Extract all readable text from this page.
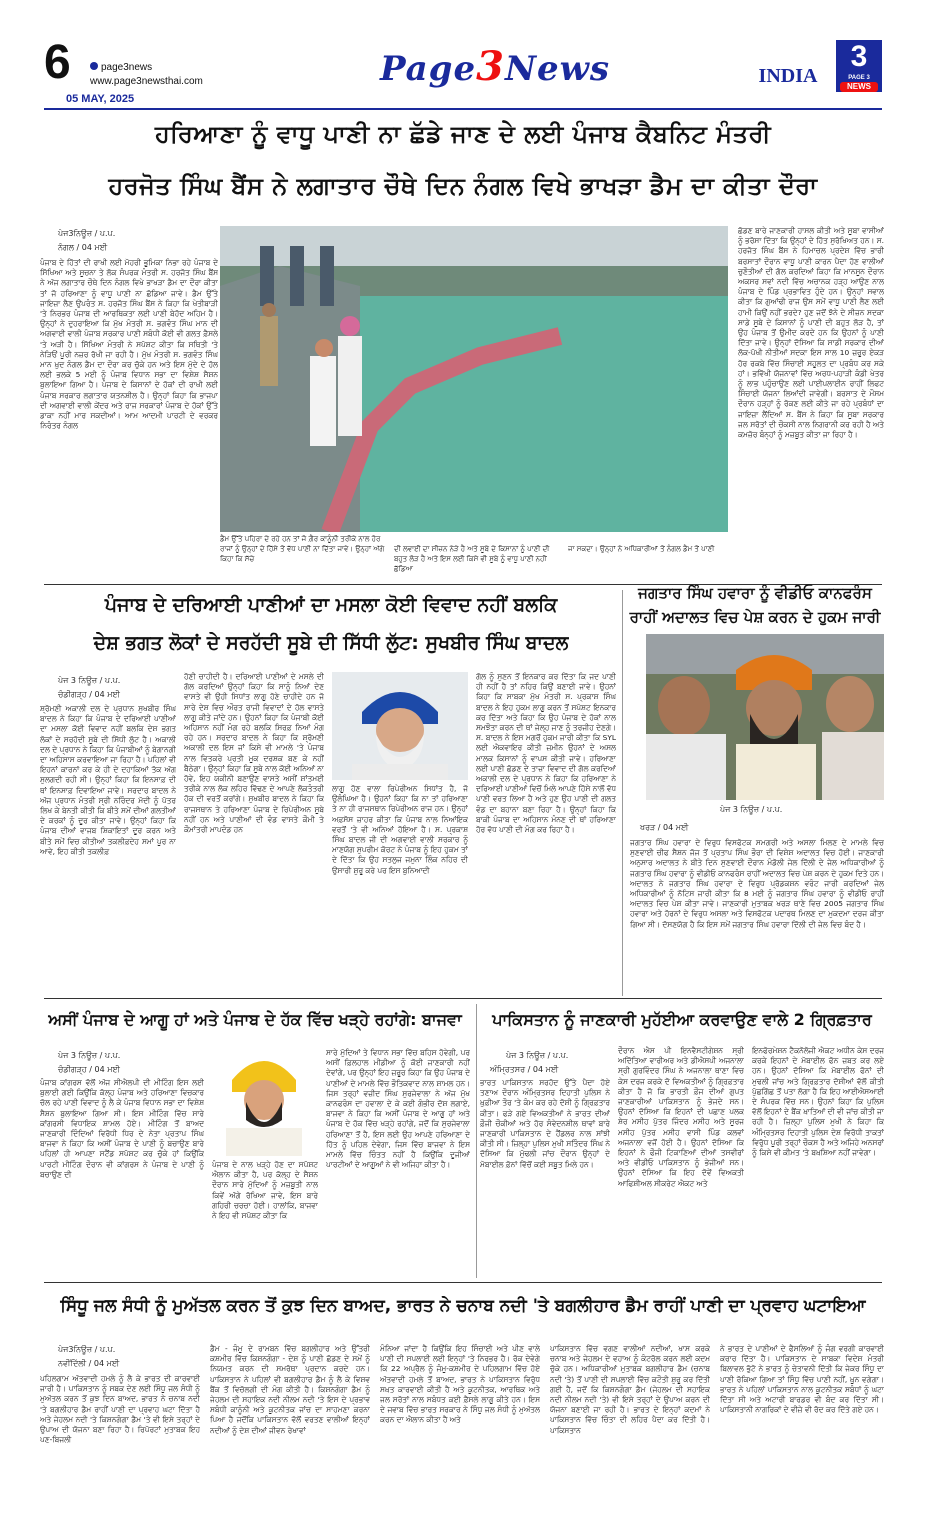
6	page3news
www.page3newsthai.com
05 MAY, 2025
Page3News	INDIA
3
PAGE 3
NEWS
ਹਰਿਆਣਾ ਨੂੰ ਵਾਧੂ ਪਾਣੀ ਨਾ ਛੱਡੇ ਜਾਣ ਦੇ ਲਈ ਪੰਜਾਬ ਕੈਬਨਿਟ ਮੰਤਰੀ
ਹਰਜੋਤ ਸਿੰਘ ਬੈਂਸ ਨੇ ਲਗਾਤਾਰ ਚੌਥੇ ਦਿਨ ਨੰਗਲ ਵਿਖੇ ਭਾਖੜਾ ਡੈਮ ਦਾ ਕੀਤਾ ਦੌਰਾ
ਪੇਜ3ਨਿਊਜ਼ / ਪ.ਪ.
ਨੰਗਲ / 04 ਮਈ
ਪੰਜਾਬ ਦੇ ਹਿੱਤਾਂ ਦੀ ਰਾਖੀ ਲਈ ਮੋਹਰੀ ਭੂਮਿਕਾ ਨਿਭਾ ਰਹੇ ਪੰਜਾਬ ਦੇ ਸਿੱਖਿਆ ਅਤੇ ਸੂਚਨਾ ਤੇ ਲੋਕ ਸੰਪਰਕ ਮੰਤਰੀ ਸ. ਹਰਜੋਤ ਸਿੰਘ ਬੈਂਸ ਨੇ ਅੱਜ ਲਗਾਤਾਰ ਚੌਥੇ ਦਿਨ ਨੰਗਲ ਵਿਖੇ ਭਾਖੜਾ ਡੈਮ ਦਾ ਦੌਰਾ ਕੀਤਾ ਤਾਂ ਜੋ ਹਰਿਆਣਾ ਨੂੰ ਵਾਧੂ ਪਾਣੀ ਨਾ ਛੱਡਿਆ ਜਾਵੇ। ਡੈਮ ਉੱਤੇ ਜਾਇਜ਼ਾ ਲੈਣ ਉਪਰੰਤ ਸ. ਹਰਜੋਤ ਸਿੰਘ ਬੈਂਸ ਨੇ ਕਿਹਾ ਕਿ ਖੇਤੀਬਾੜੀ 'ਤੇ ਨਿਰਭਰ ਪੰਜਾਬ ਦੀ ਆਰਥਿਕਤਾ ਲਈ ਪਾਣੀ ਬੇਹੱਦ ਅਹਿਮ ਹੈ। ਉਨ੍ਹਾਂ ਨੇ ਦੁਹਰਾਇਆ ਕਿ ਮੁੱਖ ਮੰਤਰੀ ਸ. ਭਗਵੰਤ ਸਿੰਘ ਮਾਨ ਦੀ ਅਗਵਾਈ ਵਾਲੀ ਪੰਜਾਬ ਸਰਕਾਰ ਪਾਣੀ ਸਬੰਧੀ ਕੋਈ ਵੀ ਗਲਤ ਫ਼ੈਸਲੇ 'ਤੇ ਅੜੀ ਹੈ। ਸਿੱਖਿਆ ਮੰਤਰੀ ਨੇ ਸਪੱਸ਼ਟ ਕੀਤਾ ਕਿ ਸਥਿਤੀ 'ਤੇ ਨੇੜਿਓਂ ਪੂਰੀ ਨਜ਼ਰ ਰੱਖੀ ਜਾ ਰਹੀ ਹੈ। ਮੁੱਖ ਮੰਤਰੀ ਸ. ਭਗਵੰਤ ਸਿੰਘ ਮਾਨ ਖ਼ੁਦ ਨੰਗਲ ਡੈਮ ਦਾ ਦੌਰਾ ਕਰ ਚੁੱਕੇ ਹਨ ਅਤੇ ਇਸ ਮੁੱਦੇ ਦੇ ਹੱਲ ਲਈ ਭਲਕੇ 5 ਮਈ ਨੂੰ ਪੰਜਾਬ ਵਿਧਾਨ ਸਭਾ ਦਾ ਵਿਸ਼ੇਸ਼ ਸੈਸ਼ਨ ਬੁਲਾਇਆ ਗਿਆ ਹੈ। ਪੰਜਾਬ ਦੇ ਕਿਸਾਨਾਂ ਦੇ ਹੱਕਾਂ ਦੀ ਰਾਖੀ ਲਈ ਪੰਜਾਬ ਸਰਕਾਰ ਲਗਾਤਾਰ ਯਤਨਸ਼ੀਲ ਹੈ। ਉਨ੍ਹਾਂ ਕਿਹਾ ਕਿ ਭਾਜਪਾ ਦੀ ਅਗਵਾਈ ਵਾਲੀ ਕੇਂਦਰ ਅਤੇ ਰਾਜ ਸਰਕਾਰਾਂ ਪੰਜਾਬ ਦੇ ਹੱਕਾਂ ਉੱਤੇ ਡਾਕਾ ਨਹੀਂ ਮਾਰ ਸਕਦੀਆਂ। ਆਮ ਆਦਮੀ ਪਾਰਟੀ ਦੇ ਵਰਕਰ ਨਿਰੰਤਰ ਨੰਗਲ
ਡੈਮ ਉੱਤੇ ਪਹਿਰਾ ਦੇ ਰਹੇ ਹਨ ਤਾਂ ਜੋ ਗ਼ੈਰ ਕਾਨੂੰਨੀ ਤਰੀਕੇ ਨਾਲ ਹੋਰ ਰਾਜਾਂ ਨੂੰ ਉਨ੍ਹਾਂ ਦੇ ਹਿੱਸੇ ਤੋਂ ਵੱਧ ਪਾਣੀ ਨਾ ਦਿੱਤਾ ਜਾਵੇ। ਉਨ੍ਹਾਂ ਅੱਗੇ ਕਿਹਾ ਕਿ ਸੱਚੇ
ਦੀ ਲਵਾਈ ਦਾ ਸੀਜ਼ਨ ਨੇੜੇ ਹੈ ਅਤੇ ਸੂਬੇ ਦੇ ਕਿਸਾਨਾਂ ਨੂੰ ਪਾਣੀ ਦੀ ਬਹੁਤ ਲੋੜ ਹੈ ਅਤੇ ਇਸ ਲਈ ਕਿਸੇ ਵੀ ਸੂਬੇ ਨੂੰ ਵਾਧੂ ਪਾਣੀ ਨਹੀਂ ਛੱਡਿਆ
ਜਾ ਸਕਦਾ। ਉਨ੍ਹਾਂ ਨੇ ਅਧਿਕਾਰੀਆਂ ਤੋਂ ਨੰਗਲ ਡੈਮ ਤੋਂ ਪਾਣੀ
ਛੱਡਣ ਬਾਰੇ ਜਾਣਕਾਰੀ ਹਾਸਲ ਕੀਤੀ ਅਤੇ ਸੂਬਾ ਵਾਸੀਆਂ ਨੂੰ ਭਰੋਸਾ ਦਿੱਤਾ ਕਿ ਉਨ੍ਹਾਂ ਦੇ ਹਿੱਤ ਸੁਰੱਖਿਅਤ ਹਨ। ਸ. ਹਰਜੋਤ ਸਿੰਘ ਬੈਂਸ ਨੇ ਹਿਮਾਚਲ ਪ੍ਰਦੇਸ਼ ਵਿੱਚ ਭਾਰੀ ਬਰਸਾਤਾਂ ਦੌਰਾਨ ਵਾਧੂ ਪਾਣੀ ਕਾਰਨ ਪੈਦਾ ਹੋਣ ਵਾਲੀਆਂ ਚੁਣੌਤੀਆਂ ਦੀ ਗੱਲ ਕਰਦਿਆਂ ਕਿਹਾ ਕਿ ਮਾਨਸੂਨ ਦੌਰਾਨ ਅਕਸਰ ਸਵਾਂ ਨਦੀ ਵਿੱਚ ਅਚਾਨਕ ਹੜ੍ਹ ਆਉਣ ਨਾਲ ਪੰਜਾਬ ਦੇ ਪਿੰਡ ਪ੍ਰਭਾਵਿਤ ਹੁੰਦੇ ਹਨ। ਉਨ੍ਹਾਂ ਸਵਾਲ ਕੀਤਾ ਕਿ ਗੁਆਂਢੀ ਰਾਜ ਉਸ ਸਮੇਂ ਵਾਧੂ ਪਾਣੀ ਲੈਣ ਲਈ ਹਾਮੀ ਕਿਉਂ ਨਹੀਂ ਭਰਦੇ? ਹੁਣ ਜਦੋਂ ਝੋਨੇ ਦੇ ਸੀਜ਼ਨ ਸਦਕਾ ਸਾਡੇ ਸੂਬੇ ਦੇ ਕਿਸਾਨਾਂ ਨੂੰ ਪਾਣੀ ਦੀ ਬਹੁਤ ਲੋੜ ਹੈ, ਤਾਂ ਉਹ ਪੰਜਾਬ ਤੋਂ ਉਮੀਦ ਕਰਦੇ ਹਨ ਕਿ ਉਹਨਾਂ ਨੂੰ ਪਾਣੀ ਦਿੱਤਾ ਜਾਵੇ। ਉਨ੍ਹਾਂ ਦੱਸਿਆ ਕਿ ਸਾਡੀ ਸਰਕਾਰ ਦੀਆਂ ਲੋਕ-ਪੱਖੀ ਨੀਤੀਆਂ ਸਦਕਾ ਇਸ ਸਾਲ 10 ਜ਼ਰੂਰ ਏਕੜ ਹੋਰ ਰਕਬੇ ਵਿੱਚ ਸਿੰਚਾਈ ਸਹੂਲਤ ਦਾ ਪ੍ਰਬੰਧ ਕਰ ਸਕੇ ਹਾਂ। ਭਵਿੱਖੀ ਯੋਜਨਾਵਾਂ ਵਿੱਚ ਅਰਧ-ਪਹਾੜੀ ਕੰਡੀ ਖੇਤਰ ਨੂੰ ਲਾਭ ਪਹੁੰਚਾਉਣ ਲਈ ਪਾਈਪਲਾਈਨ ਰਾਹੀਂ ਲਿਫਟ ਸਿੰਚਾਈ ਯੋਜਨਾ ਲਿਆਂਦੀ ਜਾਵੇਗੀ। ਬਰਸਾਤ ਦੇ ਮੌਸਮ ਦੌਰਾਨ ਹੜ੍ਹਾਂ ਨੂੰ ਰੋਕਣ ਲਈ ਕੀਤੇ ਜਾ ਰਹੇ ਪ੍ਰਬੰਧਾਂ ਦਾ ਜਾਇਜ਼ਾ ਲੈਂਦਿਆਂ ਸ. ਬੈਂਸ ਨੇ ਕਿਹਾ ਕਿ ਸੂਬਾ ਸਰਕਾਰ ਜਲ ਸਰੋਤਾਂ ਦੀ ਚੌਕਸੀ ਨਾਲ ਨਿਗਰਾਨੀ ਕਰ ਰਹੀ ਹੈ ਅਤੇ ਕਮਜ਼ੋਰ ਬੰਨ੍ਹਾਂ ਨੂੰ ਮਜ਼ਬੂਤ ਕੀਤਾ ਜਾ ਰਿਹਾ ਹੈ।
ਪੰਜਾਬ ਦੇ ਦਰਿਆਈ ਪਾਣੀਆਂ ਦਾ ਮਸਲਾ ਕੋਈ ਵਿਵਾਦ ਨਹੀਂ ਬਲਕਿ
ਦੇਸ਼ ਭਗਤ ਲੋਕਾਂ ਦੇ ਸਰਹੱਦੀ ਸੂਬੇ ਦੀ ਸਿੱਧੀ ਲੁੱਟ: ਸੁਖਬੀਰ ਸਿੰਘ ਬਾਦਲ
ਪੇਜ 3 ਨਿਊਜ਼ / ਪ.ਪ.
ਚੰਡੀਗੜ੍ਹ / 04 ਮਈ
ਸ਼੍ਰੋਮਣੀ ਅਕਾਲੀ ਦਲ ਦੇ ਪ੍ਰਧਾਨ ਸੁਖਬੀਰ ਸਿੰਘ ਬਾਦਲ ਨੇ ਕਿਹਾ ਕਿ ਪੰਜਾਬ ਦੇ ਦਰਿਆਈ ਪਾਣੀਆਂ ਦਾ ਮਸਲਾ ਕੋਈ ਵਿਵਾਦ ਨਹੀਂ ਬਲਕਿ ਦੇਸ਼ ਭਗਤ ਲੋਕਾਂ ਦੇ ਸਰਹੱਦੀ ਸੂਬੇ ਦੀ ਸਿੱਧੀ ਲੁੱਟ ਹੈ। ਅਕਾਲੀ ਦਲ ਦੇ ਪ੍ਰਧਾਨ ਨੇ ਕਿਹਾ ਕਿ ਪੰਜਾਬੀਆਂ ਨੂੰ ਬੇਗਾਨਗੀ ਦਾ ਅਹਿਸਾਸ ਕਰਵਾਇਆ ਜਾ ਰਿਹਾ ਹੈ। ਪਹਿਲਾਂ ਵੀ ਇਹਨਾਂ ਕਾਰਨਾਂ ਕਰ ਕੇ ਹੀ ਦੇ ਦਹਾਕਿਆਂ ਤੱਕ ਅੱਗ ਸੁਲਗਦੀ ਰਹੀ ਸੀ। ਉਨ੍ਹਾਂ ਕਿਹਾ ਕਿ ਇਨਸਾਫ਼ ਦੀ ਥਾਂ ਇਨਸਾਫ਼ ਦਿਵਾਇਆ ਜਾਵੇ। ਸਰਦਾਰ ਬਾਦਲ ਨੇ ਅੱਜ ਪ੍ਰਧਾਨ ਮੰਤਰੀ ਸ੍ਰੀ ਨਰਿੰਦਰ ਮੋਦੀ ਨੂੰ ਪੱਤਰ ਲਿਖ ਕੇ ਬੇਨਤੀ ਕੀਤੀ ਕਿ ਬੀਤੇ ਸਮੇਂ ਦੀਆਂ ਗਲਤੀਆਂ ਦੇ ਕਰਕਾਂ ਨੂੰ ਦੂਰ ਕੀਤਾ ਜਾਵੇ। ਉਨ੍ਹਾਂ ਕਿਹਾ ਕਿ ਪੰਜਾਬ ਦੀਆਂ ਵਾਜਬ ਸ਼ਿਕਾਇਤਾਂ ਦੂਰ ਕਰਨ ਅਤੇ ਬੀਤੇ ਸਮੇਂ ਵਿਚ ਕੀਤੀਆਂ ਤਕਲੀਫ਼ਦੇਹ ਸਮਾਂ ਪੂਰ ਨਾ ਆਵੇ, ਇਹ ਕੀਤੀ ਤਕਲੀਫ਼
ਹੋਣੀ ਚਾਹੀਦੀ ਹੈ। ਦਰਿਆਈ ਪਾਣੀਆਂ ਦੇ ਮਸਲੇ ਦੀ ਗੱਲ ਕਰਦਿਆਂ ਉਨ੍ਹਾਂ ਕਿਹਾ ਕਿ ਸਾਨੂੰ ਨਿਆਂ ਦੇਣ ਵਾਸਤੇ ਵੀ ਉਹੀ ਸਿਧਾਂਤ ਲਾਗੂ ਹੋਣੇ ਚਾਹੀਦੇ ਹਨ ਜੋ ਸਾਰੇ ਦੇਸ਼ ਵਿਚ ਔਰਤ ਰਾਜੀ ਵਿਵਾਦਾਂ ਦੇ ਹੱਲ ਵਾਸਤੇ ਲਾਗੂ ਕੀਤੇ ਜਾਂਦੇ ਹਨ। ਉਹਨਾਂ ਕਿਹਾ ਕਿ ਪੰਜਾਬੀ ਕੋਈ ਅਹਿਸਾਨ ਨਹੀਂ ਮੰਗ ਰਹੇ ਬਲਕਿ ਸਿਰਫ਼ ਨਿਆਂ ਮੰਗ ਰਹੇ ਹਨ। ਸਰਦਾਰ ਬਾਦਲ ਨੇ ਕਿਹਾ ਕਿ ਸ਼੍ਰੋਮਣੀ ਅਕਾਲੀ ਦਲ ਇਸ ਜਾਂ ਕਿਸੇ ਵੀ ਮਾਮਲੇ 'ਤੇ ਪੰਜਾਬ ਨਾਲ ਵਿਤਕਰੇ ਪ੍ਰਤੀ ਮੂਕ ਦਰਸ਼ਕ ਬਣ ਕੇ ਨਹੀਂ ਬੈਠੇਗਾ। ਉਨ੍ਹਾਂ ਕਿਹਾ ਕਿ ਸੂਬੇ ਨਾਲ ਕੋਈ ਅਨਿਆਂ ਨਾ ਹੋਵੇ, ਇਹ ਯਕੀਨੀ ਬਣਾਉਣ ਵਾਸਤੇ ਅਸੀਂ ਸ਼ਾਂਤਮਈ ਤਰੀਕੇ ਨਾਲ ਲੋਕ ਲਹਿਰ ਵਿੱਢਣ ਦੇ ਆਪਣੇ ਲੋਕਤੰਤਰੀ ਹੱਕ ਦੀ ਵਰਤੋਂ ਕਰਾਂਗੇ। ਸੁਖਬੀਰ ਬਾਦਲ ਨੇ ਕਿਹਾ ਕਿ ਰਾਜਸਥਾਨ ਤੇ ਹਰਿਆਣਾ ਪੰਜਾਬ ਦੇ ਰਿਪੇਰੀਅਨ ਸੂਬੇ ਨਹੀਂ ਹਨ ਅਤੇ ਪਾਣੀਆਂ ਦੀ ਵੰਡ ਵਾਸਤੇ ਕੌਮੀ ਤੇ ਕੌਮਾਂਤਰੀ ਮਾਪਦੰਡ ਹਨ
ਲਾਗੂ ਹੋਣ ਵਾਲਾ ਰਿਪੇਰੀਅਨ ਸਿਧਾਂਤ ਹੈ, ਜੋ ਉਲੰਘਿਆ ਹੈ। ਉਹਨਾਂ ਕਿਹਾ ਕਿ ਨਾ ਤਾਂ ਹਰਿਆਣਾ ਤੇ ਨਾ ਹੀ ਰਾਜਸਥਾਨ ਰਿਪੇਰੀਅਨ ਰਾਜ ਹਨ। ਉਨ੍ਹਾਂ ਅਫ਼ਸੋਸ ਜ਼ਾਹਰ ਕੀਤਾ ਕਿ ਪੰਜਾਬ ਨਾਲ ਨਿਆਂਇਕ ਵਰਤੋਂ 'ਤੇ ਵੀ ਅਨਿਆਂ ਹੋਇਆ ਹੈ। ਸ. ਪ੍ਰਕਾਸ਼ ਸਿੰਘ ਬਾਦਲ ਜੀ ਦੀ ਅਗਵਾਈ ਵਾਲੀ ਸਰਕਾਰ ਨੂੰ ਮਾਣਯੋਗ ਸੁਪਰੀਮ ਕੋਰਟ ਨੇ ਪੰਜਾਬ ਨੂੰ ਇਹ ਹੁਕਮ ਤਾਂ ਦੇ ਦਿੱਤਾ ਕਿ ਉਹ ਸਤਲੁਜ ਜਮੁਨਾ ਲਿੰਕ ਨਹਿਰ ਦੀ ਉਸਾਰੀ ਸ਼ੁਰੂ ਕਰੇ ਪਰ ਇਸ ਬੁਨਿਆਦੀ
ਗੱਲ ਨੂੰ ਸੁਣਨ ਤੋਂ ਇਨਕਾਰ ਕਰ ਦਿੱਤਾ ਕਿ ਜਦ ਪਾਣੀ ਹੀ ਨਹੀਂ ਹੈ ਤਾਂ ਨਹਿਰ ਕਿਉਂ ਬਣਾਈ ਜਾਵੇ। ਉਹਨਾਂ ਕਿਹਾ ਕਿ ਸਾਬਕਾ ਮੁੱਖ ਮੰਤਰੀ ਸ. ਪ੍ਰਕਾਸ਼ ਸਿੰਘ ਬਾਦਲ ਨੇ ਇਹ ਹੁਕਮ ਲਾਗੂ ਕਰਨ ਤੋਂ ਸਪੱਸ਼ਟ ਇਨਕਾਰ ਕਰ ਦਿੱਤਾ ਅਤੇ ਕਿਹਾ ਕਿ ਉਹ ਪੰਜਾਬ ਦੇ ਹੱਕਾਂ ਨਾਲ ਸਮਝੌਤਾ ਕਰਨ ਦੀ ਥਾਂ ਜੇਲ੍ਹ ਜਾਣ ਨੂੰ ਤਰਜੀਹ ਦੇਣਗੇ। ਸ. ਬਾਦਲ ਨੇ ਇਸ ਮਗਰੋਂ ਹੁਕਮ ਜਾਰੀ ਕੀਤਾ ਕਿ SYL ਲਈ ਐਕਵਾਇਰ ਕੀਤੀ ਜ਼ਮੀਨ ਉਹਨਾਂ ਦੇ ਅਸਲ ਮਾਲਕ ਕਿਸਾਨਾਂ ਨੂੰ ਵਾਪਸ ਕੀਤੀ ਜਾਵੇ। ਹਰਿਆਣਾ ਲਈ ਪਾਣੀ ਛੱਡਣ ਦੇ ਤਾਜ਼ਾ ਵਿਵਾਦ ਦੀ ਗੱਲ ਕਰਦਿਆਂ ਅਕਾਲੀ ਦਲ ਦੇ ਪ੍ਰਧਾਨ ਨੇ ਕਿਹਾ ਕਿ ਹਰਿਆਣਾ ਨੇ ਦਰਿਆਈ ਪਾਣੀਆਂ ਵਿਚੋਂ ਮਿਲੇ ਆਪਣੇ ਹਿੱਸੇ ਨਾਲੋਂ ਵੱਧ ਪਾਣੀ ਵਰਤ ਲਿਆ ਹੈ ਅਤੇ ਹੁਣ ਉਹ ਪਾਣੀ ਦੀ ਗਲਤ ਵੰਡ ਦਾ ਬਹਾਨਾ ਬਣਾ ਰਿਹਾ ਹੈ। ਉਨ੍ਹਾਂ ਕਿਹਾ ਕਿ ਬਾਕੀ ਪੰਜਾਬ ਦਾ ਅਹਿਸਾਨ ਮੰਨਣ ਦੀ ਥਾਂ ਹਰਿਆਣਾ ਹੋਰ ਵੱਧ ਪਾਣੀ ਦੀ ਮੰਗ ਕਰ ਰਿਹਾ ਹੈ।
ਜਗਤਾਰ ਸਿੰਘ ਹਵਾਰਾ ਨੂੰ ਵੀਡੀਓ ਕਾਨਫਰੰਸ
ਰਾਹੀਂ ਅਦਾਲਤ ਵਿਚ ਪੇਸ਼ ਕਰਨ ਦੇ ਹੁਕਮ ਜਾਰੀ
ਪੇਜ 3 ਨਿਊਜ਼ / ਪ.ਪ.
ਖਰੜ / 04 ਮਈ
ਜਗਤਾਰ ਸਿੰਘ ਹਵਾਰਾ ਦੇ ਵਿਰੁਧ ਵਿਸਫੋਟਕ ਸਮਗਰੀ ਅਤੇ ਅਸਲਾ ਮਿਲਣ ਦੇ ਮਾਮਲੇ ਵਿਚ ਸੁਣਵਾਈ ਚੀਫ ਸੈਸ਼ਨ ਜੱਜ ਤੋਂ ਪ੍ਰਤਾਪ ਸਿੰਘ ਭੌਰਾ ਦੀ ਵਿਸ਼ੇਸ਼ ਅਦਾਲਤ ਵਿਚ ਹੋਈ। ਜਾਣਕਾਰੀ ਅਨੁਸਾਰ ਅਦਾਲਤ ਨੇ ਬੀਤੇ ਦਿਨ ਸੁਣਵਾਈ ਦੌਰਾਨ ਮੰਡੋਲੀ ਜੇਲ ਦਿੱਲੀ ਦੇ ਜੇਲ ਅਧਿਕਾਰੀਆਂ ਨੂੰ ਜਗਤਾਰ ਸਿੰਘ ਹਵਾਰਾ ਨੂੰ ਵੀਡੀਓ ਕਾਨਫਰੰਸ ਰਾਹੀਂ ਅਦਾਲਤ ਵਿਚ ਪੇਸ਼ ਕਰਨ ਦੇ ਹੁਕਮ ਦਿਤੇ ਹਨ। ਅਦਾਲਤ ਨੇ ਜਗਤਾਰ ਸਿੰਘ ਹਵਾਰਾ ਦੇ ਵਿਰੁਧ ਪ੍ਰੋਡਕਸ਼ਨ ਵਰੰਟ ਜਾਰੀ ਕਰਦਿਆਂ ਜੇਲ ਅਧਿਕਾਰੀਆਂ ਨੂੰ ਨੋਟਿਸ ਜਾਰੀ ਕੀਤਾ ਕਿ 8 ਮਈ ਨੂੰ ਜਗਤਾਰ ਸਿੰਘ ਹਵਾਰਾ ਨੂੰ ਵੀਡੀਓ ਰਾਹੀਂ ਅਦਾਲਤ ਵਿਚ ਪੇਸ਼ ਕੀਤਾ ਜਾਵੇ। ਜਾਣਕਾਰੀ ਮੁਤਾਬਕ ਖਰੜ ਥਾਣੇ ਵਿਚ 2005 ਜਗਤਾਰ ਸਿੰਘ ਹਵਾਰਾ ਅਤੇ ਹੋਰਨਾਂ ਦੇ ਵਿਰੁਧ ਅਸਲਾ ਅਤੇ ਵਿਸਫੋਟਕ ਪਦਾਰਥ ਮਿਲਣ ਦਾ ਮੁਕਦਮਾ ਦਰਜ ਕੀਤਾ ਗਿਆ ਸੀ। ਦੱਸਣਯੋਗ ਹੈ ਕਿ ਇਸ ਸਮੇਂ ਜਗਤਾਰ ਸਿੰਘ ਹਵਾਰਾ ਦਿੱਲੀ ਦੀ ਜੇਲ ਵਿਚ ਬੰਦ ਹੈ।
ਅਸੀਂ ਪੰਜਾਬ ਦੇ ਆਗੂ ਹਾਂ ਅਤੇ ਪੰਜਾਬ ਦੇ ਹੱਕ ਵਿੱਚ ਖੜ੍ਹੇ ਰਹਾਂਗੇ: ਬਾਜਵਾ
ਪੇਜ 3 ਨਿਊਜ਼ / ਪ.ਪ.
ਚੰਡੀਗੜ੍ਹ / 04 ਮਈ
ਪੰਜਾਬ ਕਾਂਗਰਸ ਵੱਲੋਂ ਅੱਜ ਸੀਐਲਪੀ ਦੀ ਮੀਟਿੰਗ ਇਸ ਲਈ ਬੁਲਾਈ ਗਈ ਕਿਉਂਕਿ ਕੱਲ੍ਹ ਪੰਜਾਬ ਅਤੇ ਹਰਿਆਣਾ ਵਿਚਕਾਰ ਚੱਲ ਰਹੇ ਪਾਣੀ ਵਿਵਾਦ ਨੂੰ ਲੈ ਕੇ ਪੰਜਾਬ ਵਿਧਾਨ ਸਭਾ ਦਾ ਵਿਸ਼ੇਸ਼ ਸੈਸ਼ਨ ਬੁਲਾਇਆ ਗਿਆ ਸੀ। ਇਸ ਮੀਟਿੰਗ ਵਿੱਚ ਸਾਰੇ ਕਾਂਗਰਸੀ ਵਿਧਾਇਕ ਸ਼ਾਮਲ ਹੋਏ। ਮੀਟਿੰਗ ਤੋਂ ਬਾਅਦ ਜਾਣਕਾਰੀ ਦਿੰਦਿਆਂ ਵਿਰੋਧੀ ਧਿਰ ਦੇ ਨੇਤਾ ਪ੍ਰਤਾਪ ਸਿੰਘ ਬਾਜਵਾ ਨੇ ਕਿਹਾ ਕਿ ਅਸੀਂ ਪੰਜਾਬ ਦੇ ਪਾਣੀ ਨੂੰ ਬਚਾਉਣ ਬਾਰੇ ਪਹਿਲਾਂ ਹੀ ਆਪਣਾ ਸਟੈਂਡ ਸਪੱਸ਼ਟ ਕਰ ਚੁੱਕੇ ਹਾਂ ਕਿਉਂਕਿ ਪਾਰਟੀ ਮੀਟਿੰਗ ਦੌਰਾਨ ਵੀ ਕਾਂਗਰਸ ਨੇ ਪੰਜਾਬ ਦੇ ਪਾਣੀ ਨੂੰ ਬਚਾਉਣ ਦੀ
ਪੰਜਾਬ ਦੇ ਨਾਲ ਖੜ੍ਹੇ ਹੋਣ ਦਾ ਸਪੱਸ਼ਟ ਐਲਾਨ ਕੀਤਾ ਹੈ, ਪਰ ਕੱਲ੍ਹ ਦੇ ਸੈਸ਼ਨ ਦੌਰਾਨ ਸਾਰੇ ਮੁੱਦਿਆਂ ਨੂੰ ਮਜ਼ਬੂਤੀ ਨਾਲ ਕਿਵੇਂ ਅੱਗੇ ਰੱਖਿਆ ਜਾਵੇ, ਇਸ ਬਾਰੇ ਗਹਿਰੀ ਚਰਚਾ ਹੋਈ। ਹਾਲਾਂਕਿ, ਬਾਜਵਾ ਨੇ ਇਹ ਵੀ ਸਪੱਸ਼ਟ ਕੀਤਾ ਕਿ
ਸਾਰੇ ਮੁੱਦਿਆਂ ਤੇ ਵਿਧਾਨ ਸਭਾ ਵਿੱਚ ਬਹਿਸ ਹੋਵੇਗੀ, ਪਰ ਅਸੀਂ ਫ਼ਿਲਹਾਲ ਮੀਡੀਆ ਨੂੰ ਕੋਈ ਜਾਣਕਾਰੀ ਨਹੀਂ ਦੇਵਾਂਗੇ, ਪਰ ਉਨ੍ਹਾਂ ਇਹ ਜ਼ਰੂਰ ਕਿਹਾ ਕਿ ਉਹ ਪੰਜਾਬ ਦੇ ਪਾਣੀਆਂ ਦੇ ਮਾਮਲੇ ਵਿੱਚ ਭੌਤਿਕਵਾਦ ਨਾਲ ਸ਼ਾਮਲ ਹਨ। ਜਿਸ ਤਰ੍ਹਾਂ ਵਜ਼ੀਦ ਸਿੰਘ ਸੁਰਜੇਵਾਲਾ ਨੇ ਅੱਜ ਮੁੱਖ ਕਾਨਫਰੰਸ ਦਾ ਹਵਾਲਾ ਦੇ ਕੇ ਕਈ ਗੰਭੀਰ ਦੋਸ਼ ਲਗਾਏ, ਬਾਜਵਾ ਨੇ ਕਿਹਾ ਕਿ ਅਸੀਂ ਪੰਜਾਬ ਦੇ ਆਗੂ ਹਾਂ ਅਤੇ ਪੰਜਾਬ ਦੇ ਹੱਕ ਵਿੱਚ ਖੜ੍ਹੇ ਰਹਾਂਗੇ, ਜਦੋਂ ਕਿ ਸੁਰਜੇਵਾਲਾ ਹਰਿਆਣਾ ਤੋਂ ਹੈ, ਇਸ ਲਈ ਉਹ ਆਪਣੇ ਹਰਿਆਣਾ ਦੇ ਹਿੱਤ ਨੂੰ ਪਹਿਲ ਦੇਵੇਗਾ, ਜਿਸ ਵਿੱਚ ਬਾਜਵਾ ਨੇ ਇਸ ਮਾਮਲੇ ਵਿੱਚ ਚਿੰਤਤ ਨਹੀਂ ਹੈ ਕਿਉਂਕਿ ਦੂਜੀਆਂ ਪਾਰਟੀਆਂ ਦੇ ਆਗੂਆਂ ਨੇ ਵੀ ਅਜਿਹਾ ਕੀਤਾ ਹੈ।
ਪਾਕਿਸਤਾਨ ਨੂੰ ਜਾਣਕਾਰੀ ਮੁਹੱਈਆ ਕਰਵਾਉਣ ਵਾਲੇ 2 ਗ੍ਰਿਫ਼ਤਾਰ
ਪੇਜ 3 ਨਿਊਜ਼ / ਪ.ਪ.
ਅੰਮ੍ਰਿਤਸਰ / 04 ਮਈ
ਭਾਰਤ ਪਾਕਿਸਤਾਨ ਸਰਹੱਦ ਉੱਤੇ ਪੈਦਾ ਹੋਏ ਤਣਾਅ ਦੌਰਾਨ ਅੰਮ੍ਰਿਤਸਰ ਦਿਹਾਤੀ ਪੁਲਿਸ ਨੇ ਖ਼ੁਫ਼ੀਆ ਤੌਰ 'ਤੇ ਕੰਮ ਕਰ ਰਹੇ ਦੋਸ਼ੀ ਨੂੰ ਗ੍ਰਿਫ਼ਤਾਰ ਕੀਤਾ। ਫੜੇ ਗਏ ਵਿਅਕਤੀਆਂ ਨੇ ਭਾਰਤ ਦੀਆਂ ਫ਼ੌਜੀ ਚੌਕੀਆਂ ਅਤੇ ਹੋਰ ਸੰਵੇਦਨਸ਼ੀਲ ਥਾਵਾਂ ਬਾਰੇ ਜਾਣਕਾਰੀ ਪਾਕਿਸਤਾਨ ਦੇ ਹੈਂਡਲਰ ਨਾਲ ਸਾਂਝੀ ਕੀਤੀ ਸੀ। ਜ਼ਿਲ੍ਹਾ ਪੁਲਿਸ ਮੁਖੀ ਸਤਿੰਦਰ ਸਿੰਘ ਨੇ ਦੱਸਿਆ ਕਿ ਮੁੱਢਲੀ ਜਾਂਚ ਦੌਰਾਨ ਉਨ੍ਹਾਂ ਦੇ ਮੋਬਾਈਲ ਫ਼ੋਨਾਂ ਵਿੱਚੋਂ ਕਈ ਸਬੂਤ ਮਿਲੇ ਹਨ।
ਦੌਰਾਨ ਐਸ ਪੀ ਇਨਵੈਸਟੀਗੇਸ਼ਨ ਸ੍ਰੀ ਅਦਿੱਤਿਆ ਵਾਰੀਅਰ ਅਤੇ ਡੀਐਸਪੀ ਅਜਨਾਲਾ ਸ੍ਰੀ ਗੁਰਵਿੰਦਰ ਸਿੰਘ ਨੇ ਅਜਨਾਲਾ ਥਾਣਾ ਵਿਚ ਕੇਸ ਦਰਜ ਕਰਕੇ ਦੋ ਵਿਅਕਤੀਆਂ ਨੂੰ ਗ੍ਰਿਫ਼ਤਾਰ ਕੀਤਾ ਹੈ ਜੋ ਕਿ ਭਾਰਤੀ ਫ਼ੌਜ ਦੀਆਂ ਗੁਪਤ ਜਾਣਕਾਰੀਆਂ ਪਾਕਿਸਤਾਨ ਨੂੰ ਭੇਜਦੇ ਸਨ। ਉਹਨਾਂ ਦੱਸਿਆ ਕਿ ਇਹਨਾਂ ਦੀ ਪਛਾਣ ਪਲਕ ਸ਼ੇਰ ਮਸੀਹ ਪੁੱਤਰ ਜਿੰਦਰ ਮਸੀਹ ਅਤੇ ਸੂਰਜ ਮਸੀਹ ਪੁੱਤਰ ਮਸੀਹ ਵਾਸੀ ਪਿੰਡ ਕਲਵਾਂ ਅਜਨਾਲਾ ਵਜੋਂ ਹੋਈ ਹੈ। ਉਹਨਾਂ ਦੱਸਿਆ ਕਿ ਇਹਨਾਂ ਨੇ ਫੌਜੀ ਟਿਕਾਣਿਆਂ ਦੀਆਂ ਤਸਵੀਰਾਂ ਅਤੇ ਵੀਡੀਓ ਪਾਕਿਸਤਾਨ ਨੂੰ ਭੇਜੀਆਂ ਸਨ। ਉਹਨਾਂ ਦੱਸਿਆ ਕਿ ਇਹ ਦੋਵੇਂ ਵਿਅਕਤੀ ਆਫਿਸ਼ੀਅਲ ਸੀਕਰੇਟ ਐਕਟ ਅਤੇ
ਇਨਫੋਰਮੇਸ਼ਨ ਟੈਕਨੋਲੋਜੀ ਐਕਟ ਅਧੀਨ ਕੇਸ ਦਰਜ ਕਰਕੇ ਇਹਨਾਂ ਦੇ ਮੋਬਾਈਲ ਫੋਨ ਜ਼ਬਤ ਕਰ ਲਏ ਹਨ। ਉਹਨਾਂ ਦੱਸਿਆ ਕਿ ਮੋਬਾਈਲ ਫੋਨਾਂ ਦੀ ਮੁਢਲੀ ਜਾਂਚ ਅਤੇ ਗ੍ਰਿਫ਼ਤਾਰ ਦੋਸ਼ੀਆਂ ਵੱਲੋਂ ਕੀਤੀ ਪੁੱਛਗਿੱਛ ਤੋਂ ਪਤਾ ਲੱਗਾ ਹੈ ਕਿ ਇਹ ਆਈਐਸਆਈ ਦੇ ਸੰਪਰਕ ਵਿੱਚ ਸਨ। ਉਹਨਾਂ ਕਿਹਾ ਕਿ ਪੁਲਿਸ ਵੱਲੋਂ ਇਹਨਾਂ ਦੇ ਬੈਂਕ ਖ਼ਾਤਿਆਂ ਦੀ ਵੀ ਜਾਂਚ ਕੀਤੀ ਜਾ ਰਹੀ ਹੈ। ਜ਼ਿਲ੍ਹਾ ਪੁਲਿਸ ਮੁਖੀ ਨੇ ਕਿਹਾ ਕਿ ਅੰਮ੍ਰਿਤਸਰ ਦਿਹਾਤੀ ਪੁਲਿਸ ਦੇਸ਼ ਵਿਰੋਧੀ ਤਾਕਤਾਂ ਵਿਰੁੱਧ ਪੂਰੀ ਤਰ੍ਹਾਂ ਚੌਕਸ ਹੈ ਅਤੇ ਅਜਿਹੇ ਅਨਸਰਾਂ ਨੂੰ ਕਿਸੇ ਵੀ ਕੀਮਤ 'ਤੇ ਬਖ਼ਸ਼ਿਆ ਨਹੀਂ ਜਾਵੇਗਾ।
ਸਿੰਧੂ ਜਲ ਸੰਧੀ ਨੂੰ ਮੁਅੱਤਲ ਕਰਨ ਤੋਂ ਕੁਝ ਦਿਨ ਬਾਅਦ, ਭਾਰਤ ਨੇ ਚਨਾਬ ਨਦੀ 'ਤੇ ਬਗਲੀਹਾਰ ਡੈਮ ਰਾਹੀਂ ਪਾਣੀ ਦਾ ਪ੍ਰਵਾਹ ਘਟਾਇਆ
ਪੇਜ3ਨਿਊਜ਼ / ਪ.ਪ.
ਨਵੀਂਦਿੱਲੀ / 04 ਮਈ
ਪਹਿਲਗਾਮ ਅੱਤਵਾਦੀ ਹਮਲੇ ਨੂੰ ਲੈ ਕੇ ਭਾਰਤ ਦੀ ਕਾਰਵਾਈ ਜਾਰੀ ਹੈ। ਪਾਕਿਸਤਾਨ ਨੂੰ ਸਬਕ ਦੇਣ ਲਈ ਸਿੰਧੂ ਜਲ ਸੰਧੀ ਨੂੰ ਮੁਅੱਤਲ ਕਰਨ ਤੋਂ ਕੁਝ ਦਿਨ ਬਾਅਦ, ਭਾਰਤ ਨੇ ਚਨਾਬ ਨਦੀ 'ਤੇ ਬਗਲੀਹਾਰ ਡੈਮ ਰਾਹੀਂ ਪਾਣੀ ਦਾ ਪ੍ਰਵਾਹ ਘਟਾ ਦਿੱਤਾ ਹੈ ਅਤੇ ਜੇਹਲਮ ਨਦੀ 'ਤੇ ਕਿਸ਼ਨਗੰਗਾ ਡੈਮ 'ਤੇ ਵੀ ਇਸੇ ਤਰ੍ਹਾਂ ਦੇ ਉਪਾਅ ਦੀ ਯੋਜਨਾ ਬਣਾ ਰਿਹਾ ਹੈ। ਰਿਪੋਰਟਾਂ ਮੁਤਾਬਕ ਇਹ ਪਣ-ਬਿਜਲੀ
ਡੈਮ - ਜੰਮੂ ਦੇ ਰਾਮਬਨ ਵਿੱਚ ਬਗਲੀਹਾਰ ਅਤੇ ਉੱਤਰੀ ਕਸ਼ਮੀਰ ਵਿੱਚ ਕਿਸ਼ਨਗੰਗਾ - ਦੇਸ਼ ਨੂੰ ਪਾਣੀ ਛੱਡਣ ਦੇ ਸਮੇਂ ਨੂੰ ਨਿਯਮਤ ਕਰਨ ਦੀ ਸਮਰੱਥਾ ਪ੍ਰਦਾਨ ਕਰਦੇ ਹਨ। ਪਾਕਿਸਤਾਨ ਨੇ ਪਹਿਲਾਂ ਵੀ ਬਗਲੀਹਾਰ ਡੈਮ ਨੂੰ ਲੈ ਕੇ ਵਿਸ਼ਵ ਬੈਂਕ ਤੋਂ ਵਿਚੋਲਗੀ ਦੀ ਮੰਗ ਕੀਤੀ ਹੈ। ਕਿਸ਼ਨਗੰਗਾ ਡੈਮ ਨੂੰ ਜੇਹਲਮ ਦੀ ਸਹਾਇਕ ਨਦੀ ਨੀਲਮ ਨਦੀ 'ਤੇ ਇਸ ਦੇ ਪ੍ਰਭਾਵ ਸਬੰਧੀ ਕਾਨੂੰਨੀ ਅਤੇ ਕੂਟਨੀਤਕ ਜਾਂਚ ਦਾ ਸਾਹਮਣਾ ਕਰਨਾ ਪਿਆ ਹੈ ਜਦੋਂਕਿ ਪਾਕਿਸਤਾਨ ਵੱਲੋਂ ਵਰਤਣ ਵਾਲੀਆਂ ਇਨ੍ਹਾਂ ਨਦੀਆਂ ਨੂੰ ਦੇਸ਼ ਦੀਆਂ ਜੀਵਨ ਰੇਖਾਵਾਂ
ਮੰਨਿਆ ਜਾਂਦਾ ਹੈ ਕਿਉਂਕਿ ਇਹ ਸਿੰਚਾਈ ਅਤੇ ਪੀਣ ਵਾਲੇ ਪਾਣੀ ਦੀ ਸਪਲਾਈ ਲਈ ਇਨ੍ਹਾਂ 'ਤੇ ਨਿਰਭਰ ਹੈ। ਰੋਕ ਦੇਵੇਗੇ ਕਿ 22 ਅਪ੍ਰੈਲ ਨੂੰ ਜੰਮੂ-ਕਸ਼ਮੀਰ ਦੇ ਪਹਿਲਗਾਮ ਵਿੱਚ ਹੋਏ ਅੱਤਵਾਦੀ ਹਮਲੇ ਤੋਂ ਬਾਅਦ, ਭਾਰਤ ਨੇ ਪਾਕਿਸਤਾਨ ਵਿਰੁੱਧ ਸਖ਼ਤ ਕਾਰਵਾਈ ਕੀਤੀ ਹੈ ਅਤੇ ਕੂਟਨੀਤਕ, ਆਰਥਿਕ ਅਤੇ ਜਲ ਸਰੋਤਾਂ ਨਾਲ ਸਬੰਧਤ ਕਈ ਫ਼ੈਸਲੇ ਲਾਗੂ ਕੀਤੇ ਹਨ। ਇਸ ਦੇ ਜਵਾਬ ਵਿੱਚ ਭਾਰਤ ਸਰਕਾਰ ਨੇ ਸਿੰਧੂ ਜਲ ਸੰਧੀ ਨੂੰ ਮੁਅੱਤਲ ਕਰਨ ਦਾ ਐਲਾਨ ਕੀਤਾ ਹੈ ਅਤੇ
ਪਾਕਿਸਤਾਨ ਵਿੱਚ ਵਗਣ ਵਾਲੀਆਂ ਨਦੀਆਂ, ਖਾਸ ਕਰਕੇ ਚਨਾਬ ਅਤੇ ਜੇਹਲਮ ਦੇ ਵਹਾਅ ਨੂੰ ਕੰਟਰੋਲ ਕਰਨ ਲਈ ਕਦਮ ਚੁੱਕੇ ਹਨ। ਅਧਿਕਾਰੀਆਂ ਮੁਤਾਬਕ ਬਗਲੀਹਾਰ ਡੈਮ (ਚਨਾਬ ਨਦੀ 'ਤੇ) ਤੋਂ ਪਾਣੀ ਦੀ ਸਪਲਾਈ ਵਿੱਚ ਕਟੌਤੀ ਸ਼ੁਰੂ ਕਰ ਦਿੱਤੀ ਗਈ ਹੈ, ਜਦੋਂ ਕਿ ਕਿਸ਼ਨਗੰਗਾ ਡੈਮ (ਜੇਹਲਮ ਦੀ ਸਹਾਇਕ ਨਦੀ ਨੀਲਮ ਨਦੀ 'ਤੇ) ਵੀ ਇਸੇ ਤਰ੍ਹਾਂ ਦੇ ਉਪਾਅ ਕਰਨ ਦੀ ਯੋਜਨਾ ਬਣਾਈ ਜਾ ਰਹੀ ਹੈ। ਭਾਰਤ ਦੇ ਇਨ੍ਹਾਂ ਕਦਮਾਂ ਨੇ ਪਾਕਿਸਤਾਨ ਵਿੱਚ ਚਿੰਤਾ ਦੀ ਲਹਿਰ ਪੈਦਾ ਕਰ ਦਿੱਤੀ ਹੈ। ਪਾਕਿਸਤਾਨ
ਨੇ ਭਾਰਤ ਦੇ ਪਾਣੀਆਂ ਦੇ ਫੈਸਲਿਆਂ ਨੂੰ ਜੰਗ ਵਰਗੀ ਕਾਰਵਾਈ ਕਰਾਰ ਦਿੱਤਾ ਹੈ। ਪਾਕਿਸਤਾਨ ਦੇ ਸਾਬਕਾ ਵਿਦੇਸ਼ ਮੰਤਰੀ ਬਿਲਾਵਲ ਭੁੱਟੋ ਨੇ ਭਾਰਤ ਨੂੰ ਚੇਤਾਵਨੀ ਦਿੱਤੀ ਕਿ ਜੇਕਰ ਸਿੰਧੂ ਦਾ ਪਾਣੀ ਰੋਕਿਆ ਗਿਆ ਤਾਂ ਸਿੰਧੂ ਵਿੱਚ ਪਾਣੀ ਨਹੀਂ, ਖ਼ੂਨ ਵਗੇਗਾ। ਭਾਰਤ ਨੇ ਪਹਿਲਾਂ ਪਾਕਿਸਤਾਨ ਨਾਲ ਕੂਟਨੀਤਕ ਸਬੰਧਾਂ ਨੂੰ ਘਟਾ ਦਿੱਤਾ ਸੀ ਅਤੇ ਅਟਾਰੀ ਬਾਰਡਰ ਵੀ ਬੰਦ ਕਰ ਦਿੱਤਾ ਸੀ। ਪਾਕਿਸਤਾਨੀ ਨਾਗਰਿਕਾਂ ਦੇ ਵੀਜ਼ੇ ਵੀ ਰੱਦ ਕਰ ਦਿੱਤੇ ਗਏ ਹਨ।
